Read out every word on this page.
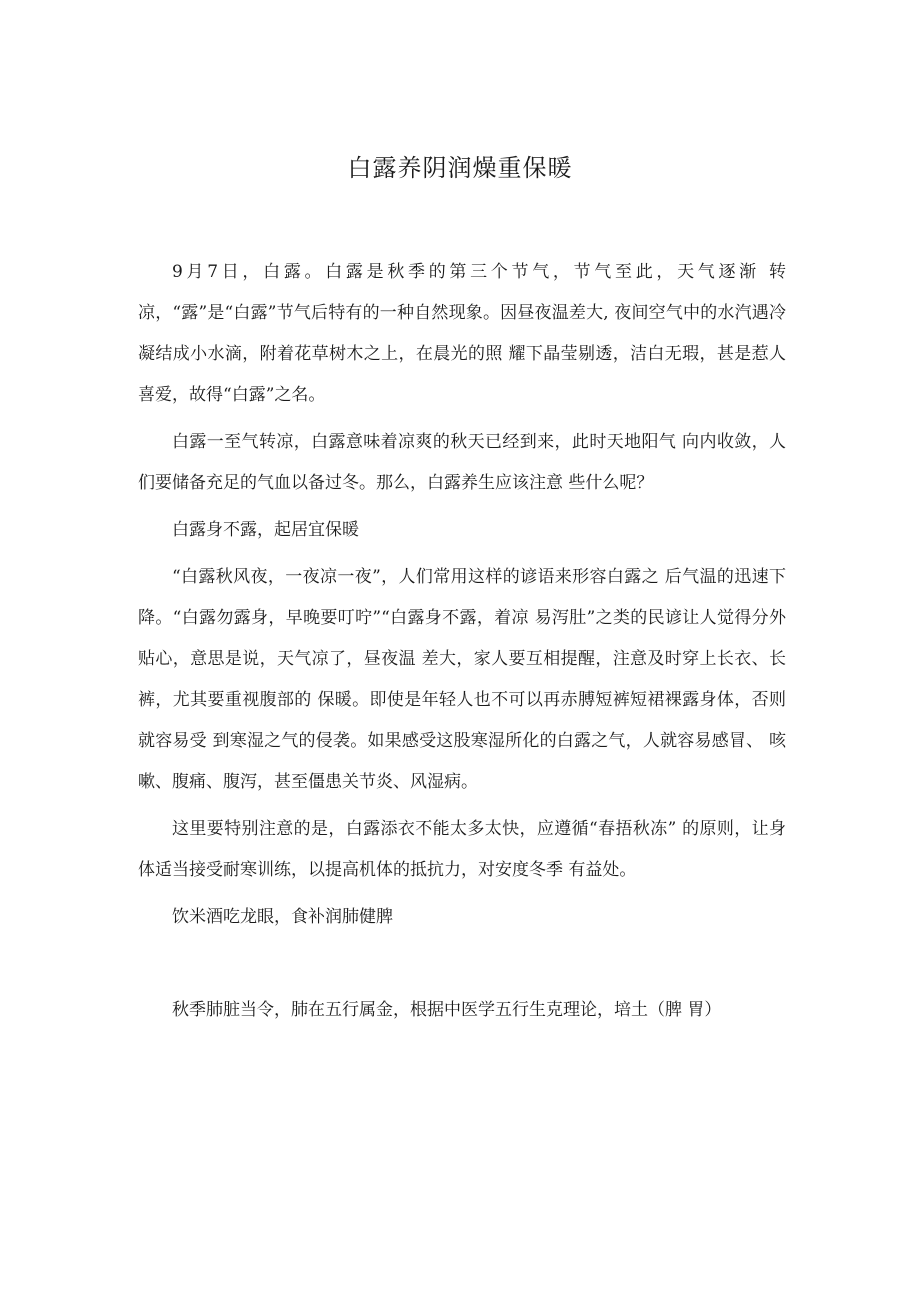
白露养阴润燥重保暖

9月7日，白露。白露是秋季的第三个节气，节气至此，天气逐渐 转凉，“露”是“白露”节气后特有的一种自然现象。因昼夜温差大, 夜间空气中的水汽遇冷凝结成小水滴，附着花草树木之上，在晨光的照 耀下晶莹剔透，洁白无瑕，甚是惹人喜爱，故得“白露”之名。

白露一至气转凉，白露意味着凉爽的秋天已经到来，此时天地阳气 向内收敛，人们要储备充足的气血以备过冬。那么，白露养生应该注意 些什么呢？

白露身不露，起居宜保暖

“白露秋风夜，一夜凉一夜”，人们常用这样的谚语来形容白露之 后气温的迅速下降。“白露勿露身，早晚要叮咛”“白露身不露，着凉 易泻肚”之类的民谚让人觉得分外贴心，意思是说，天气凉了，昼夜温 差大，家人要互相提醒，注意及时穿上长衣、长裤，尤其要重视腹部的 保暖。即使是年轻人也不可以再赤膊短裤短裙裸露身体，否则就容易受 到寒湿之气的侵袭。如果感受这股寒湿所化的白露之气，人就容易感冒、 咳嗽、腹痛、腹泻，甚至僵患关节炎、风湿病。

这里要特别注意的是，白露添衣不能太多太快，应遵循“春捂秋冻” 的原则，让身体适当接受耐寒训练，以提高机体的抵抗力，对安度冬季 有益处。

饮米酒吃龙眼，食补润肺健脾

秋季肺脏当令，肺在五行属金，根据中医学五行生克理论，培土（脾 胃）
